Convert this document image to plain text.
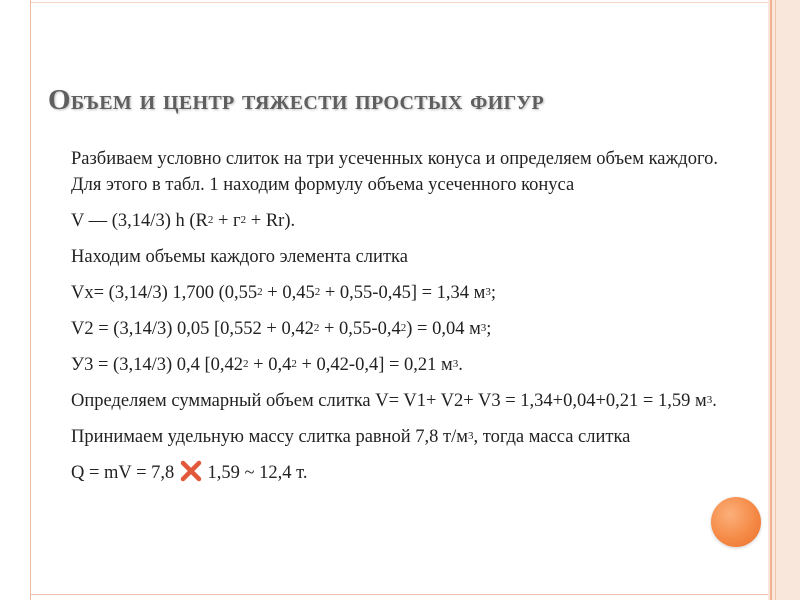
Объем и центр тяжести простых фигур
Разбиваем условно слиток на три усеченных конуса и определяем объем каждого. Для этого в табл. 1 находим формулу объема усеченного конуса
V — (3,14/3) h $(R^2 + г^2 + Rr)$.
Находим объемы каждого элемента слитка
Vx= (3,14/3) 1,700 $(0,55^2 + 0,45^2 + 0,55-0,45] = 1,34$ $м^3$;
V2 = (3,14/3) 0,05 $[0,552 + 0,42^2 + 0,55-0,4^2) = 0,04$ $м^3$;
У3 = (3,14/3) 0,4 $[0,42^2 + 0,4^2 + 0,42-0,4] = 0,21$ $м^3$.
Определяем суммарный объем слитка V= V1+ V2+ V3 = 1,34+0,04+0,21 = 1,59 $м^3$.
Принимаем удельную массу слитка равной 7,8 $т/м^3$, тогда масса слитка
Q = mV = 7,8 1,59 ~ 12,4 т.
